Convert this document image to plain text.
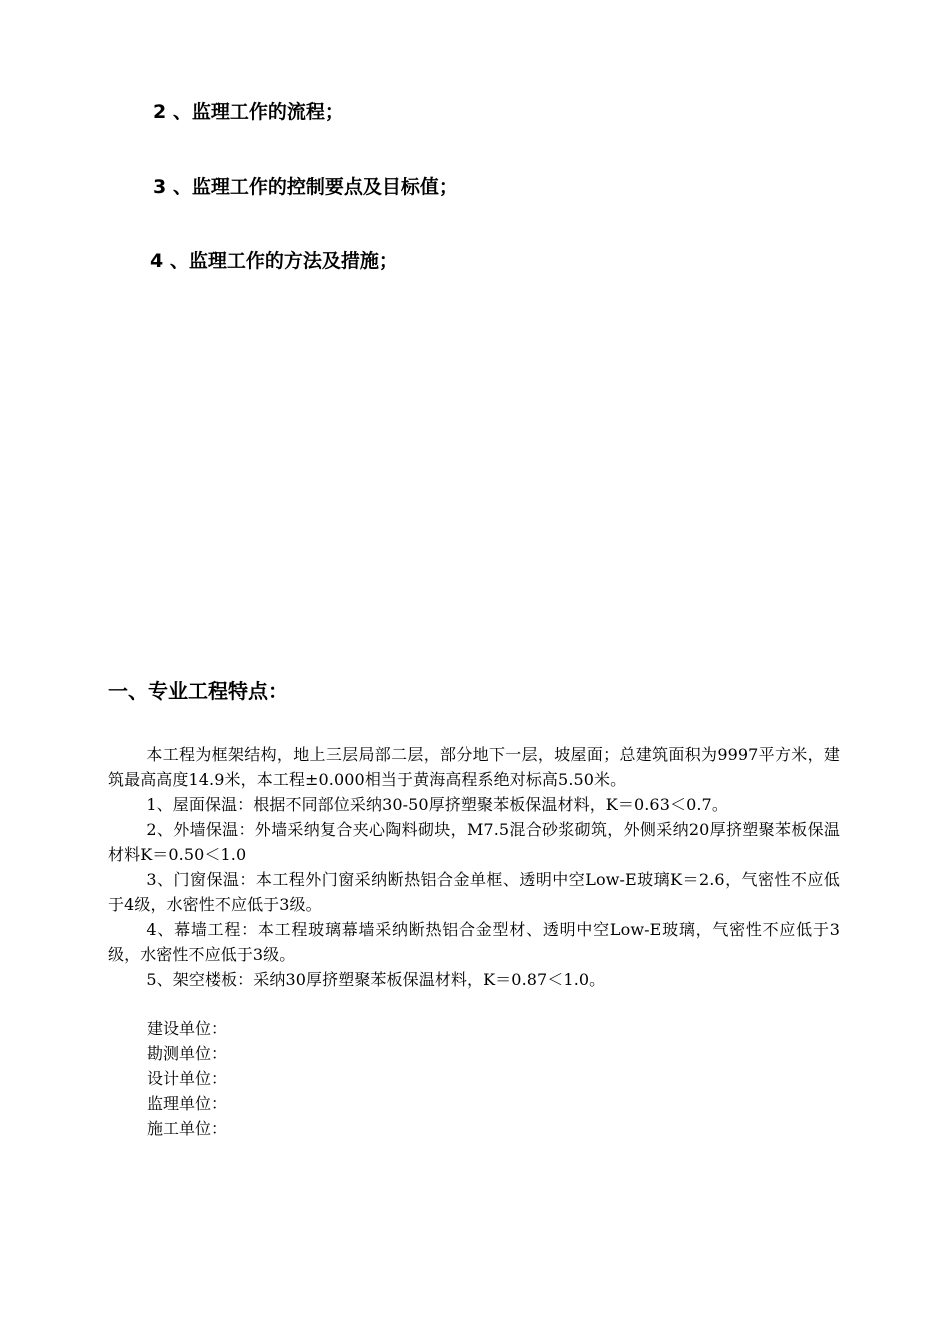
2 、监理工作的流程；
3 、监理工作的控制要点及目标值；
4 、监理工作的方法及措施；
一、专业工程特点：

本工程为框架结构，地上三层局部二层，部分地下一层，坡屋面；总建筑面积为9997平方米，建筑最高高度14.9米，本工程±0.000相当于黄海高程系绝对标高5.50米。

1、屋面保温：根据不同部位采纳30-50厚挤塑聚苯板保温材料，K＝0.63＜0.7。

2、外墙保温：外墙采纳复合夹心陶料砌块，M7.5混合砂浆砌筑，外侧采纳20厚挤塑聚苯板保温材料K＝0.50＜1.0

3、门窗保温：本工程外门窗采纳断热铝合金单框、透明中空Low-E玻璃K＝2.6，气密性不应低于4级，水密性不应低于3级。

4、幕墙工程：本工程玻璃幕墙采纳断热铝合金型材、透明中空Low-E玻璃，气密性不应低于3级，水密性不应低于3级。

5、架空楼板：采纳30厚挤塑聚苯板保温材料，K＝0.87＜1.0。

建设单位：
勘测单位：
设计单位：
监理单位：
施工单位：
